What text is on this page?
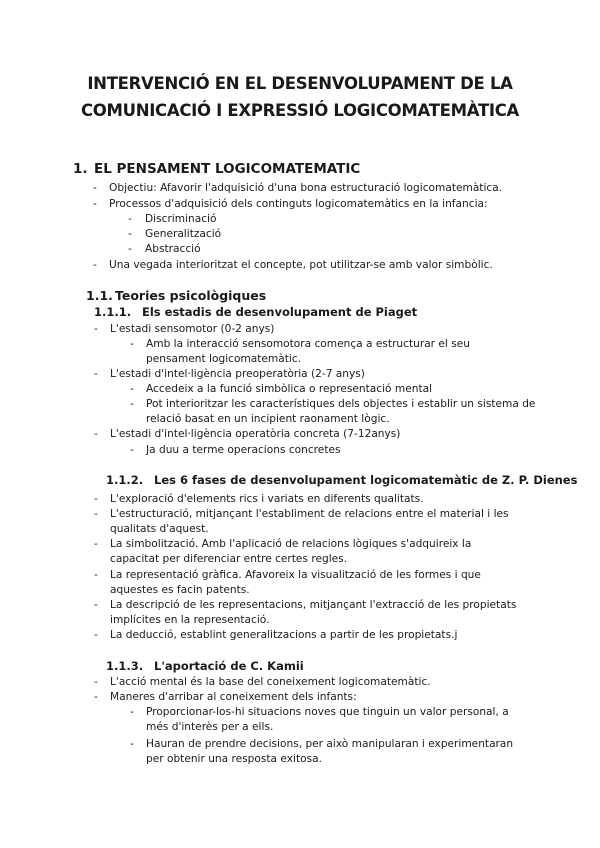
INTERVENCIÓ EN EL DESENVOLUPAMENT DE LA
COMUNICACIÓ I EXPRESSIÓ LOGICOMATEMÀTICA
1. EL PENSAMENT LOGICOMATEMATIC
- Objectiu: Afavorir l'adquisició d'una bona estructuració logicomatemàtica.
- Processos d'adquisició dels continguts logicomatemàtics en la infancia:
- Discriminació
- Generalització
- Abstracció
- Una vegada interioritzat el concepte, pot utilitzar-se amb valor simbòlic.
1.1. Teories psicològiques
1.1.1. Els estadis de desenvolupament de Piaget
- L'estadi sensomotor (0-2 anys)
- Amb la interacció sensomotora comença a estructurar el seu
pensament logicomatemàtic.
- L'estadi d'intel·ligència preoperatòria (2-7 anys)
- Accedeix a la funció simbòlica o representació mental
- Pot interioritzar les característiques dels objectes i establir un sistema de
relació basat en un incipient raonament lògic.
- L'estadi d'intel·ligència operatòria concreta (7-12anys)
- Ja duu a terme operacions concretes
1.1.2. Les 6 fases de desenvolupament logicomatemàtic de Z. P. Dienes
- L'exploració d'elements rics i variats en diferents qualitats.
- L'estructuració, mitjançant l'establiment de relacions entre el material i les
qualitats d'aquest.
- La simbolització. Amb l'aplicació de relacions lògiques s'adquireix la
capacitat per diferenciar entre certes regles.
- La representació gràfica. Afavoreix la visualització de les formes i que
aquestes es facin patents.
- La descripció de les representacions, mitjançant l'extracció de les propietats
implícites en la representació.
- La deducció, establint generalitzacions a partir de les propietats.j
1.1.3. L'aportació de C. Kamii
- L'acció mental és la base del coneixement logicomatemàtic.
- Maneres d'arribar al coneixement dels infants:
- Proporcionar-los-hi situacions noves que tinguin un valor personal, a
més d'interès per a ells.
- Hauran de prendre decisions, per això manipularan i experimentaran
per obtenir una resposta exitosa.
